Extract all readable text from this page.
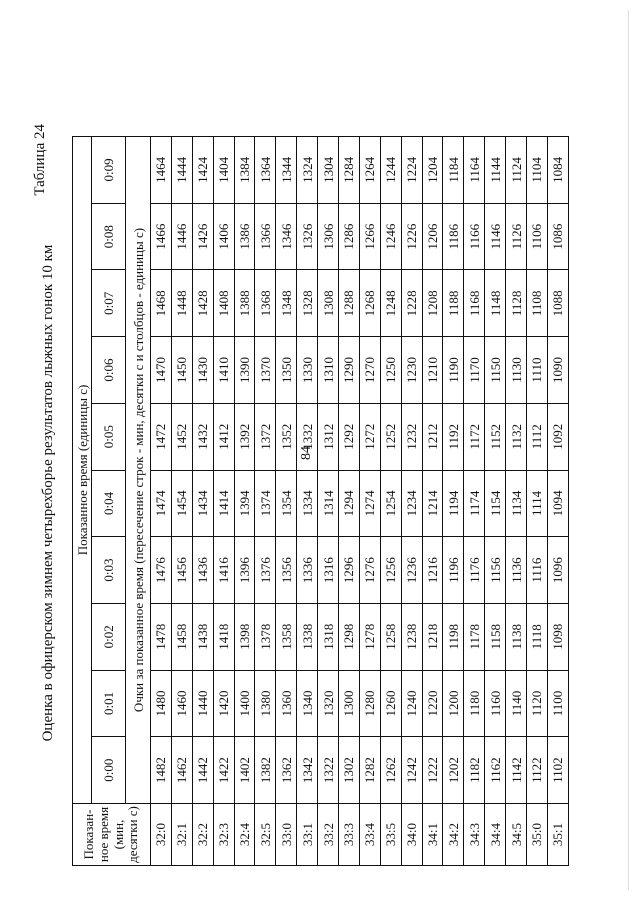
84
Таблица 24
Оценка в офицерском зимнем четырехборье результатов лыжных гонок 10 км
Показан-
ное время
(мин,
десятки с)	Показанное время (единицы с)									
	0:00	0:01	0:02	0:03	0:04	0:05	0:06	0:07	0:08	0:09
	Очки за показанное время (пересечение строк - мин, десятки с и столбцов - единицы с)									
32:0	1482	1480	1478	1476	1474	1472	1470	1468	1466	1464
32:1	1462	1460	1458	1456	1454	1452	1450	1448	1446	1444
32:2	1442	1440	1438	1436	1434	1432	1430	1428	1426	1424
32:3	1422	1420	1418	1416	1414	1412	1410	1408	1406	1404
32:4	1402	1400	1398	1396	1394	1392	1390	1388	1386	1384
32:5	1382	1380	1378	1376	1374	1372	1370	1368	1366	1364
33:0	1362	1360	1358	1356	1354	1352	1350	1348	1346	1344
33:1	1342	1340	1338	1336	1334	1332	1330	1328	1326	1324
33:2	1322	1320	1318	1316	1314	1312	1310	1308	1306	1304
33:3	1302	1300	1298	1296	1294	1292	1290	1288	1286	1284
33:4	1282	1280	1278	1276	1274	1272	1270	1268	1266	1264
33:5	1262	1260	1258	1256	1254	1252	1250	1248	1246	1244
34:0	1242	1240	1238	1236	1234	1232	1230	1228	1226	1224
34:1	1222	1220	1218	1216	1214	1212	1210	1208	1206	1204
34:2	1202	1200	1198	1196	1194	1192	1190	1188	1186	1184
34:3	1182	1180	1178	1176	1174	1172	1170	1168	1166	1164
34:4	1162	1160	1158	1156	1154	1152	1150	1148	1146	1144
34:5	1142	1140	1138	1136	1134	1132	1130	1128	1126	1124
35:0	1122	1120	1118	1116	1114	1112	1110	1108	1106	1104
35:1	1102	1100	1098	1096	1094	1092	1090	1088	1086	1084
